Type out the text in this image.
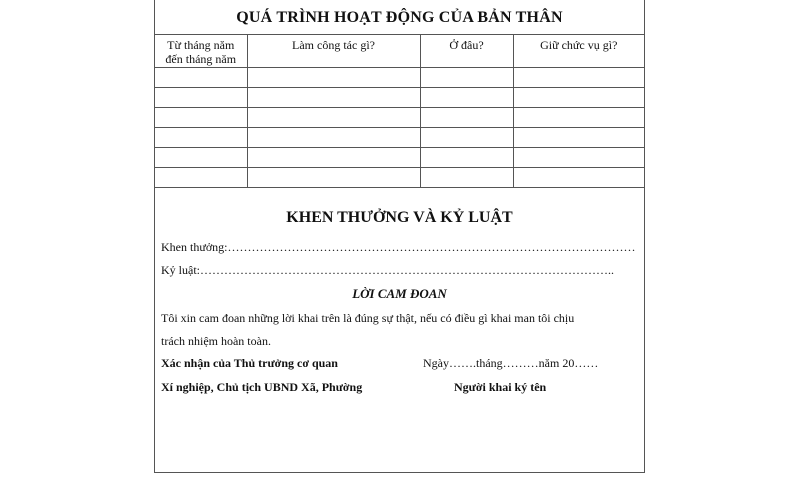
QUÁ TRÌNH HOẠT ĐỘNG CỦA BẢN THÂN
Từ tháng năm
đến tháng năm	Làm công tác gì?	Ở đâu?	Giữ chức vụ gì?

KHEN THƯỞNG VÀ KỶ LUẬT
Khen thưởng:…………………………………………………………………………………………
Kỷ luật:…………………………………………………………………………………………..
LỜI CAM ĐOAN
Tôi xin cam đoan những lời khai trên là đúng sự thật, nếu có điều gì khai man tôi chịu
trách nhiệm hoàn toàn.
Xác nhận của Thủ trưởng cơ quan	Ngày…….tháng………năm 20……
Xí nghiệp, Chủ tịch UBND Xã, Phường	Người khai ký tên
